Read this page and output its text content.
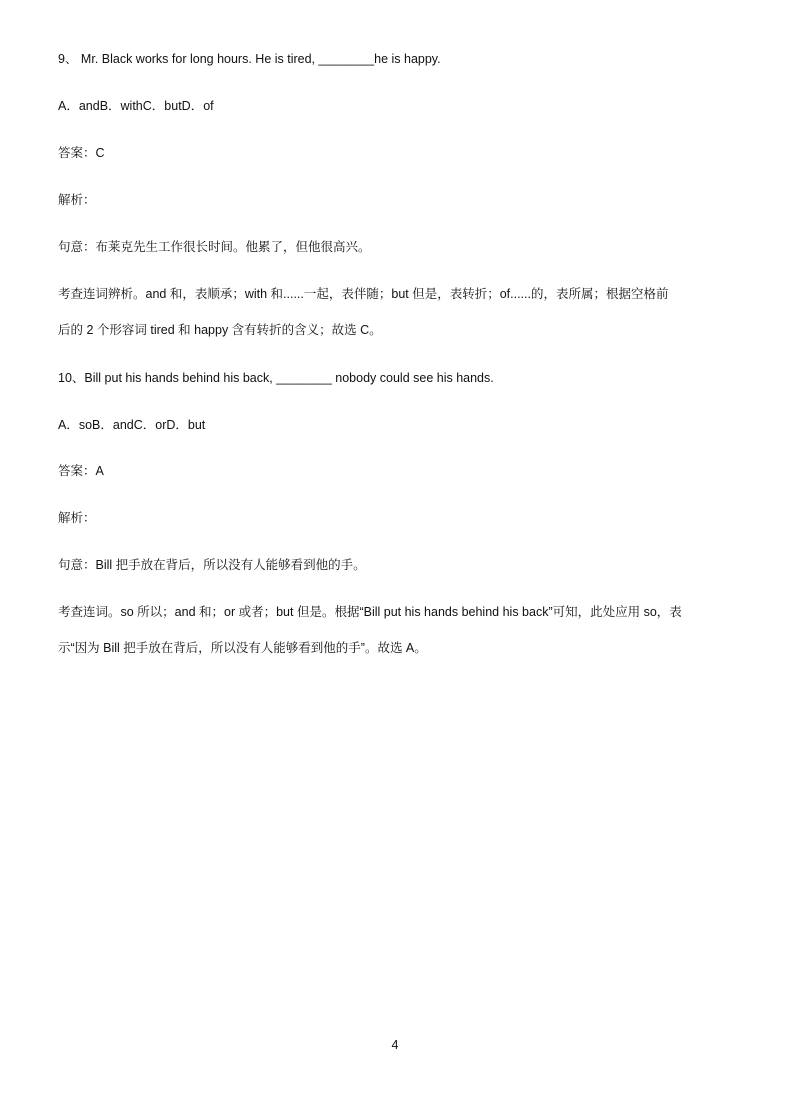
9、 Mr. Black works for long hours. He is tired, ________he is happy.
A．andB．withC．butD．of
答案：C
解析：
句意：布莱克先生工作很长时间。他累了，但他很高兴。
考查连词辨析。and 和，表顺承；with 和......一起，表伴随；but 但是，表转折；of......的，表所属；根据空格前
后的 2 个形容词 tired 和 happy 含有转折的含义；故选 C。
10、Bill put his hands behind his back, ________ nobody could see his hands.
A．soB．andC．orD．but
答案：A
解析：
句意：Bill 把手放在背后，所以没有人能够看到他的手。
考查连词。so 所以；and 和；or 或者；but 但是。根据“Bill put his hands behind his back”可知，此处应用 so，表
示“因为 Bill 把手放在背后，所以没有人能够看到他的手”。故选 A。
4
